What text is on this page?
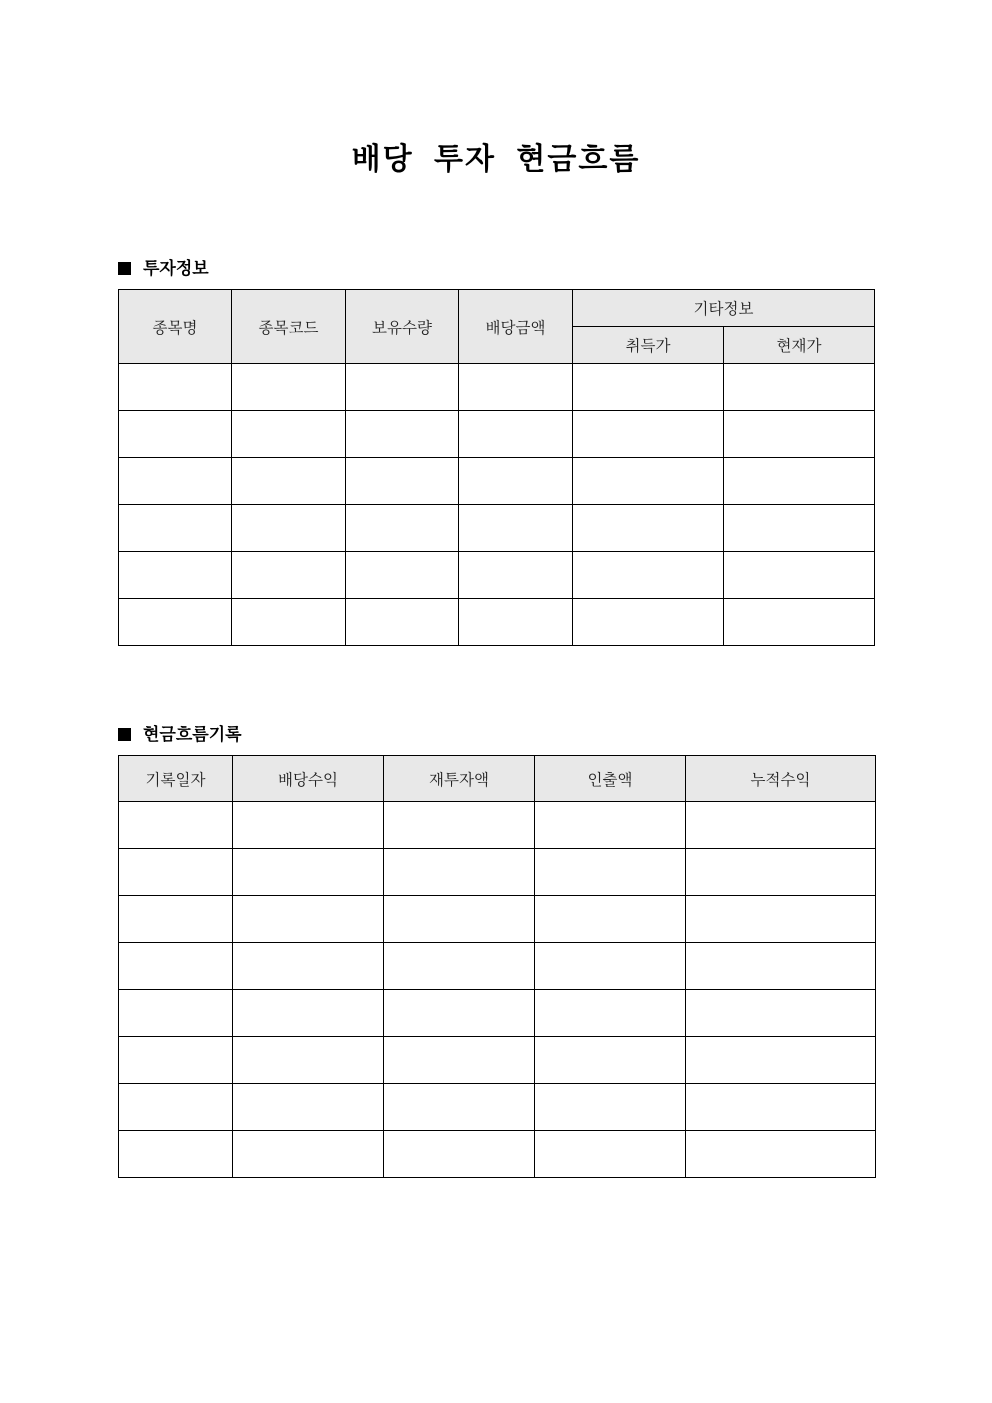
배당 투자 현금흐름
투자정보
종목명	종목코드	보유수량	배당금액	기타정보	
				취득가	현재가

현금흐름기록
기록일자	배당수익	재투자액	인출액	누적수익
